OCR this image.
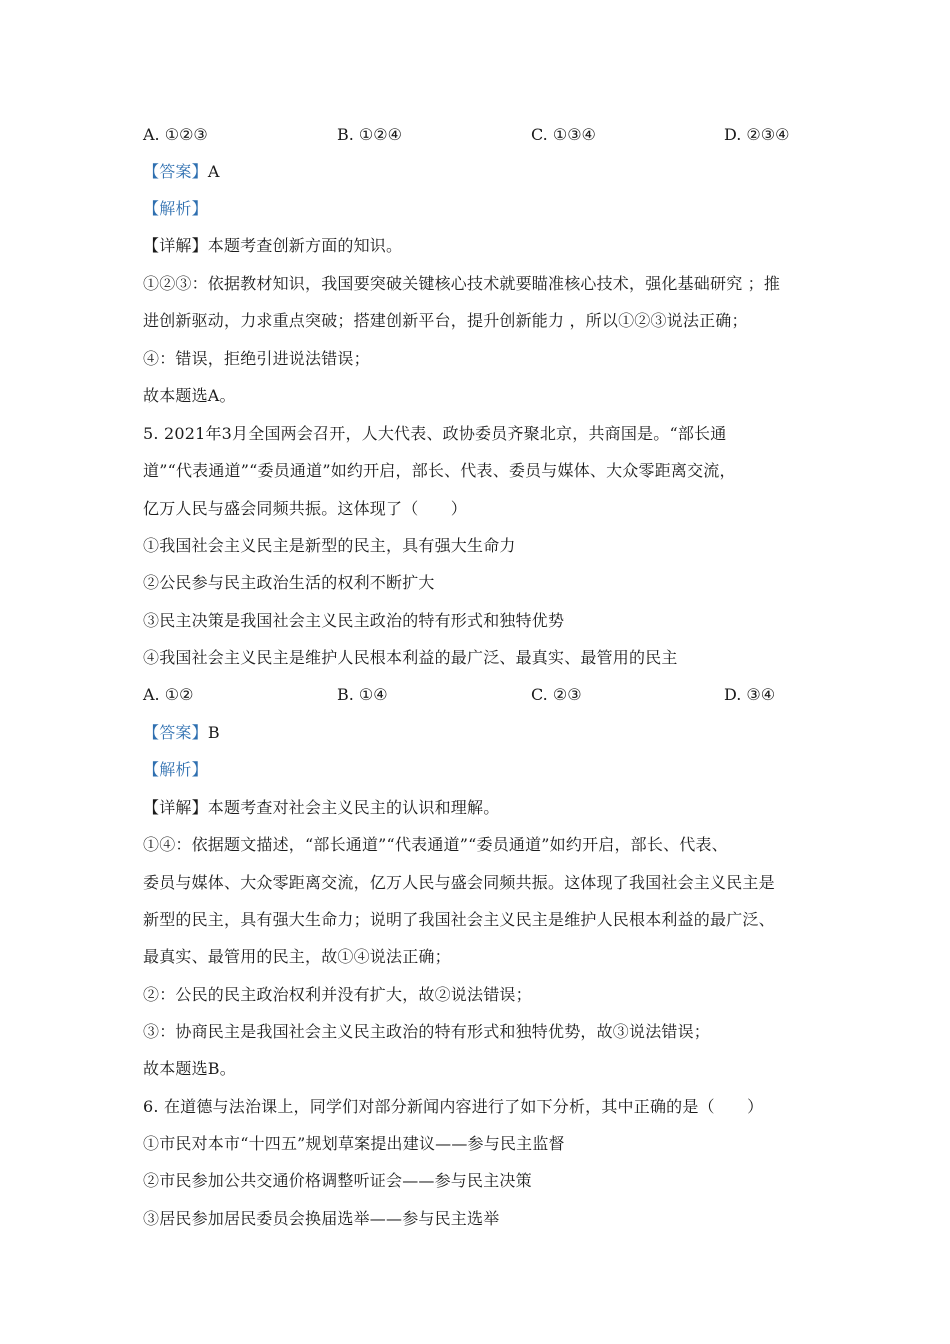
A. ①②③	B. ①②④	C. ①③④	D. ②③④
【答案】A
【解析】
【详解】本题考查创新方面的知识。
①②③：依据教材知识，我国要突破关键核心技术就要瞄准核心技术，强化基础研究 ；推
进创新驱动，力求重点突破；搭建创新平台，提升创新能力 ，所以①②③说法正确；
④：错误，拒绝引进说法错误；
故本题选A。
5. 2021年3月全国两会召开，人大代表、政协委员齐聚北京，共商国是。“部长通
道”“代表通道”“委员通道”如约开启，部长、代表、委员与媒体、大众零距离交流，
亿万人民与盛会同频共振。这体现了（　　）
①我国社会主义民主是新型的民主，具有强大生命力
②公民参与民主政治生活的权利不断扩大
③民主决策是我国社会主义民主政治的特有形式和独特优势
④我国社会主义民主是维护人民根本利益的最广泛、最真实、最管用的民主
A. ①②	B. ①④	C. ②③	D. ③④
【答案】B
【解析】
【详解】本题考查对社会主义民主的认识和理解。
①④：依据题文描述，“部长通道”“代表通道”“委员通道”如约开启，部长、代表、
委员与媒体、大众零距离交流，亿万人民与盛会同频共振。这体现了我国社会主义民主是
新型的民主，具有强大生命力；说明了我国社会主义民主是维护人民根本利益的最广泛、
最真实、最管用的民主，故①④说法正确；
②：公民的民主政治权利并没有扩大，故②说法错误；
③：协商民主是我国社会主义民主政治的特有形式和独特优势，故③说法错误；
故本题选B。
6. 在道德与法治课上，同学们对部分新闻内容进行了如下分析，其中正确的是（　　）
①市民对本市“十四五”规划草案提出建议——参与民主监督
②市民参加公共交通价格调整听证会——参与民主决策
③居民参加居民委员会换届选举——参与民主选举
